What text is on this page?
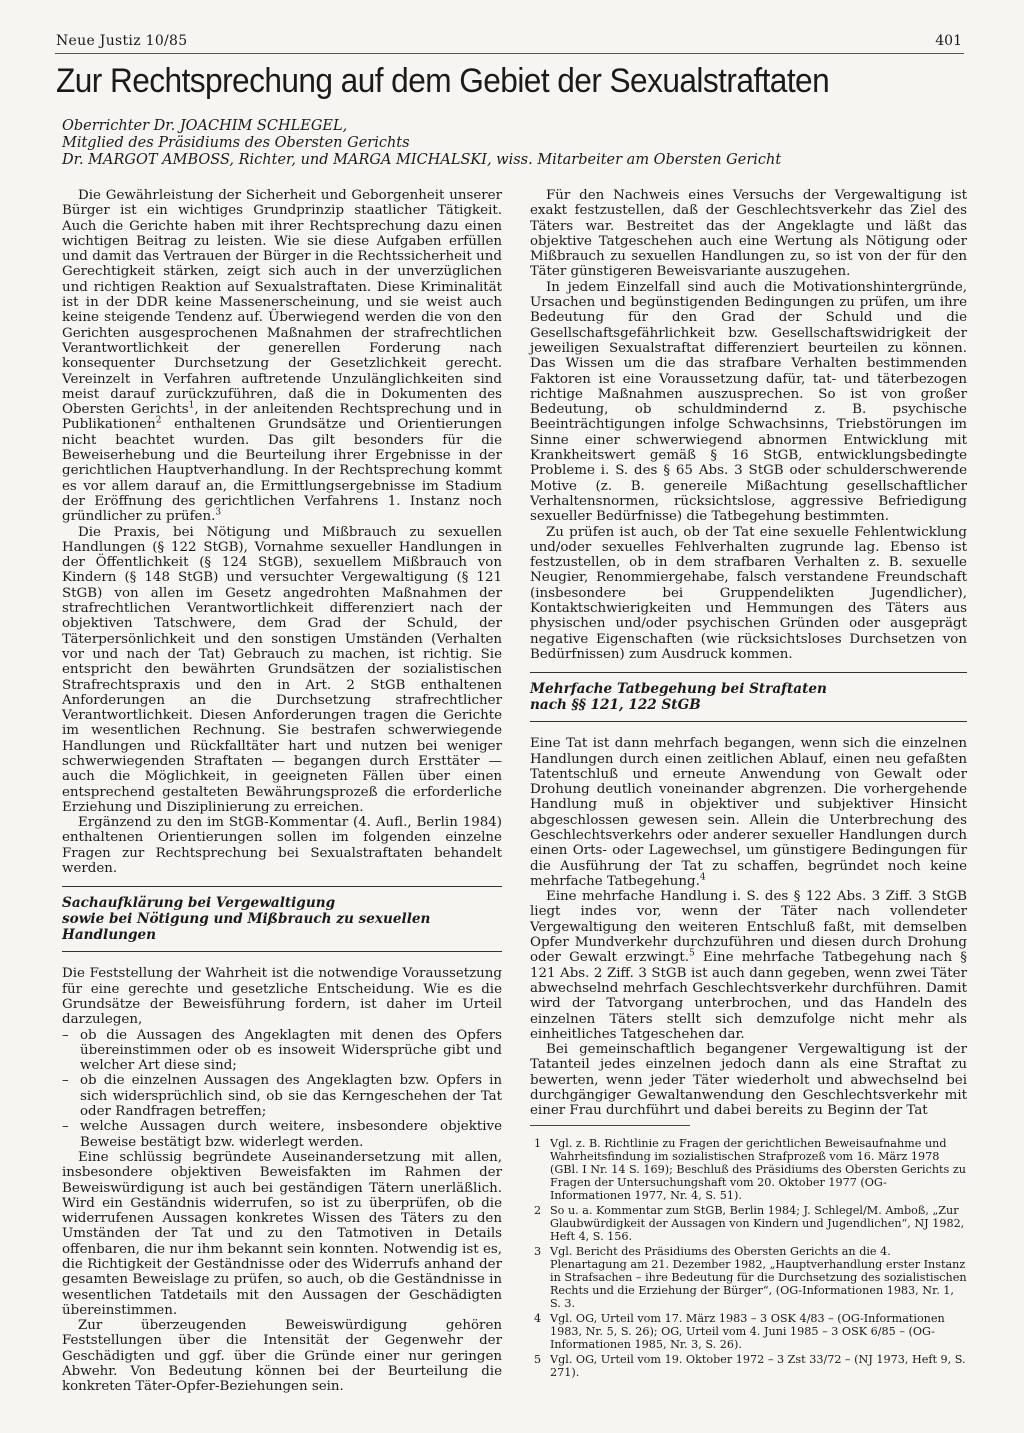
Neue Justiz 10/85	401
Zur Rechtsprechung auf dem Gebiet der Sexualstraftaten
Oberrichter Dr. JOACHIM SCHLEGEL,
Mitglied des Präsidiums des Obersten Gerichts
Dr. MARGOT AMBOSS, Richter, und MARGA MICHALSKI, wiss. Mitarbeiter am Obersten Gericht

Die Gewährleistung der Sicherheit und Geborgenheit unserer Bürger ist ein wichtiges Grundprinzip staatlicher Tätigkeit. Auch die Gerichte haben mit ihrer Rechtsprechung dazu einen wichtigen Beitrag zu leisten. Wie sie diese Aufgaben erfüllen und damit das Vertrauen der Bürger in die Rechtssicherheit und Gerechtigkeit stärken, zeigt sich auch in der unverzüglichen und richtigen Reaktion auf Sexualstraftaten. Diese Kriminalität ist in der DDR keine Massenerscheinung, und sie weist auch keine steigende Tendenz auf. Überwiegend werden die von den Gerichten ausgesprochenen Maßnahmen der strafrechtlichen Verantwortlichkeit der generellen Forderung nach konsequenter Durchsetzung der Gesetzlichkeit gerecht. Vereinzelt in Verfahren auftretende Unzulänglichkeiten sind meist darauf zurückzuführen, daß die in Dokumenten des Obersten Gerichts$^1$, in der anleitenden Rechtsprechung und in Publikationen$^2$ enthaltenen Grundsätze und Orientierungen nicht beachtet wurden. Das gilt besonders für die Beweiserhebung und die Beurteilung ihrer Ergebnisse in der gerichtlichen Hauptverhandlung. In der Rechtsprechung kommt es vor allem darauf an, die Ermittlungsergebnisse im Stadium der Eröffnung des gerichtlichen Verfahrens 1. Instanz noch gründlicher zu prüfen.$^3$

Die Praxis, bei Nötigung und Mißbrauch zu sexuellen Handlungen (§ 122 StGB), Vornahme sexueller Handlungen in der Öffentlichkeit (§ 124 StGB), sexuellem Mißbrauch von Kindern (§ 148 StGB) und versuchter Vergewaltigung (§ 121 StGB) von allen im Gesetz angedrohten Maßnahmen der strafrechtlichen Verantwortlichkeit differenziert nach der objektiven Tatschwere, dem Grad der Schuld, der Täterpersönlichkeit und den sonstigen Umständen (Verhalten vor und nach der Tat) Gebrauch zu machen, ist richtig. Sie entspricht den bewährten Grundsätzen der sozialistischen Strafrechtspraxis und den in Art. 2 StGB enthaltenen Anforderungen an die Durchsetzung strafrechtlicher Verantwortlichkeit. Diesen Anforderungen tragen die Gerichte im wesentlichen Rechnung. Sie bestrafen schwerwiegende Handlungen und Rückfalltäter hart und nutzen bei weniger schwerwiegenden Straftaten — begangen durch Ersttäter — auch die Möglichkeit, in geeigneten Fällen über einen entsprechend gestalteten Bewährungsprozeß die erforderliche Erziehung und Disziplinierung zu erreichen.

Ergänzend zu den im StGB-Kommentar (4. Aufl., Berlin 1984) enthaltenen Orientierungen sollen im folgenden einzelne Fragen zur Rechtsprechung bei Sexualstraftaten behandelt werden.

Sachaufklärung bei Vergewaltigung
sowie bei Nötigung und Mißbrauch zu sexuellen Handlungen

Die Feststellung der Wahrheit ist die notwendige Voraussetzung für eine gerechte und gesetzliche Entscheidung. Wie es die Grundsätze der Beweisführung fordern, ist daher im Urteil darzulegen,

– ob die Aussagen des Angeklagten mit denen des Opfers übereinstimmen oder ob es insoweit Widersprüche gibt und welcher Art diese sind;
– ob die einzelnen Aussagen des Angeklagten bzw. Opfers in sich widersprüchlich sind, ob sie das Kerngeschehen der Tat oder Randfragen betreffen;
– welche Aussagen durch weitere, insbesondere objektive Beweise bestätigt bzw. widerlegt werden.

Eine schlüssig begründete Auseinandersetzung mit allen, insbesondere objektiven Beweisfakten im Rahmen der Beweiswürdigung ist auch bei geständigen Tätern unerläßlich. Wird ein Geständnis widerrufen, so ist zu überprüfen, ob die widerrufenen Aussagen konkretes Wissen des Täters zu den Umständen der Tat und zu den Tatmotiven in Details offenbaren, die nur ihm bekannt sein konnten. Notwendig ist es, die Richtigkeit der Geständnisse oder des Widerrufs anhand der gesamten Beweislage zu prüfen, so auch, ob die Geständnisse in wesentlichen Tatdetails mit den Aussagen der Geschädigten übereinstimmen.

Zur überzeugenden Beweiswürdigung gehören Feststellungen über die Intensität der Gegenwehr der Geschädigten und ggf. über die Gründe einer nur geringen Abwehr. Von Bedeutung können bei der Beurteilung die konkreten Täter-Opfer-Beziehungen sein.

Für den Nachweis eines Versuchs der Vergewaltigung ist exakt festzustellen, daß der Geschlechtsverkehr das Ziel des Täters war. Bestreitet das der Angeklagte und läßt das objektive Tatgeschehen auch eine Wertung als Nötigung oder Mißbrauch zu sexuellen Handlungen zu, so ist von der für den Täter günstigeren Beweisvariante auszugehen.

In jedem Einzelfall sind auch die Motivationshintergründe, Ursachen und begünstigenden Bedingungen zu prüfen, um ihre Bedeutung für den Grad der Schuld und die Gesellschaftsgefährlichkeit bzw. Gesellschaftswidrigkeit der jeweiligen Sexualstraftat differenziert beurteilen zu können. Das Wissen um die das strafbare Verhalten bestimmenden Faktoren ist eine Voraussetzung dafür, tat- und täterbezogen richtige Maßnahmen auszusprechen. So ist von großer Bedeutung, ob schuldmindernd z. B. psychische Beeinträchtigungen infolge Schwachsinns, Triebstörungen im Sinne einer schwerwiegend abnormen Entwicklung mit Krankheitswert gemäß § 16 StGB, entwicklungsbedingte Probleme i. S. des § 65 Abs. 3 StGB oder schulderschwerende Motive (z. B. genereile Mißachtung gesellschaftlicher Verhaltensnormen, rücksichtslose, aggressive Befriedigung sexueller Bedürfnisse) die Tatbegehung bestimmten.

Zu prüfen ist auch, ob der Tat eine sexuelle Fehlentwicklung und/oder sexuelles Fehlverhalten zugrunde lag. Ebenso ist festzustellen, ob in dem strafbaren Verhalten z. B. sexuelle Neugier, Renommiergehabe, falsch verstandene Freundschaft (insbesondere bei Gruppendelikten Jugendlicher), Kontaktschwierigkeiten und Hemmungen des Täters aus physischen und/oder psychischen Gründen oder ausgeprägt negative Eigenschaften (wie rücksichtsloses Durchsetzen von Bedürfnissen) zum Ausdruck kommen.

Mehrfache Tatbegehung bei Straftaten
nach §§ 121, 122 StGB

Eine Tat ist dann mehrfach begangen, wenn sich die einzelnen Handlungen durch einen zeitlichen Ablauf, einen neu gefaßten Tatentschluß und erneute Anwendung von Gewalt oder Drohung deutlich voneinander abgrenzen. Die vorhergehende Handlung muß in objektiver und subjektiver Hinsicht abgeschlossen gewesen sein. Allein die Unterbrechung des Geschlechtsverkehrs oder anderer sexueller Handlungen durch einen Orts- oder Lagewechsel, um günstigere Bedingungen für die Ausführung der Tat zu schaffen, begründet noch keine mehrfache Tatbegehung.$^4$

Eine mehrfache Handlung i. S. des § 122 Abs. 3 Ziff. 3 StGB liegt indes vor, wenn der Täter nach vollendeter Vergewaltigung den weiteren Entschluß faßt, mit demselben Opfer Mundverkehr durchzuführen und diesen durch Drohung oder Gewalt erzwingt.$^5$ Eine mehrfache Tatbegehung nach § 121 Abs. 2 Ziff. 3 StGB ist auch dann gegeben, wenn zwei Täter abwechselnd mehrfach Geschlechtsverkehr durchführen. Damit wird der Tatvorgang unterbrochen, und das Handeln des einzelnen Täters stellt sich demzufolge nicht mehr als einheitliches Tatgeschehen dar.

Bei gemeinschaftlich begangener Vergewaltigung ist der Tatanteil jedes einzelnen jedoch dann als eine Straftat zu bewerten, wenn jeder Täter wiederholt und abwechselnd bei durchgängiger Gewaltanwendung den Geschlechtsverkehr mit einer Frau durchführt und dabei bereits zu Beginn der Tat

1 Vgl. z. B. Richtlinie zu Fragen der gerichtlichen Beweisaufnahme und Wahrheitsfindung im sozialistischen Strafprozeß vom 16. März 1978 (GBl. I Nr. 14 S. 169); Beschluß des Präsidiums des Obersten Gerichts zu Fragen der Untersuchungshaft vom 20. Oktober 1977 (OG-Informationen 1977, Nr. 4, S. 51).
2 So u. a. Kommentar zum StGB, Berlin 1984; J. Schlegel/M. Amboß, „Zur Glaubwürdigkeit der Aussagen von Kindern und Jugendlichen“, NJ 1982, Heft 4, S. 156.
3 Vgl. Bericht des Präsidiums des Obersten Gerichts an die 4. Plenartagung am 21. Dezember 1982, „Hauptverhandlung erster Instanz in Strafsachen – ihre Bedeutung für die Durchsetzung des sozialistischen Rechts und die Erziehung der Bürger“, (OG-Informationen 1983, Nr. 1, S. 3.
4 Vgl. OG, Urteil vom 17. März 1983 – 3 OSK 4/83 – (OG-Informationen 1983, Nr. 5, S. 26); OG, Urteil vom 4. Juni 1985 – 3 OSK 6/85 – (OG-Informationen 1985, Nr. 3, S. 26).
5 Vgl. OG, Urteil vom 19. Oktober 1972 – 3 Zst 33/72 – (NJ 1973, Heft 9, S. 271).
